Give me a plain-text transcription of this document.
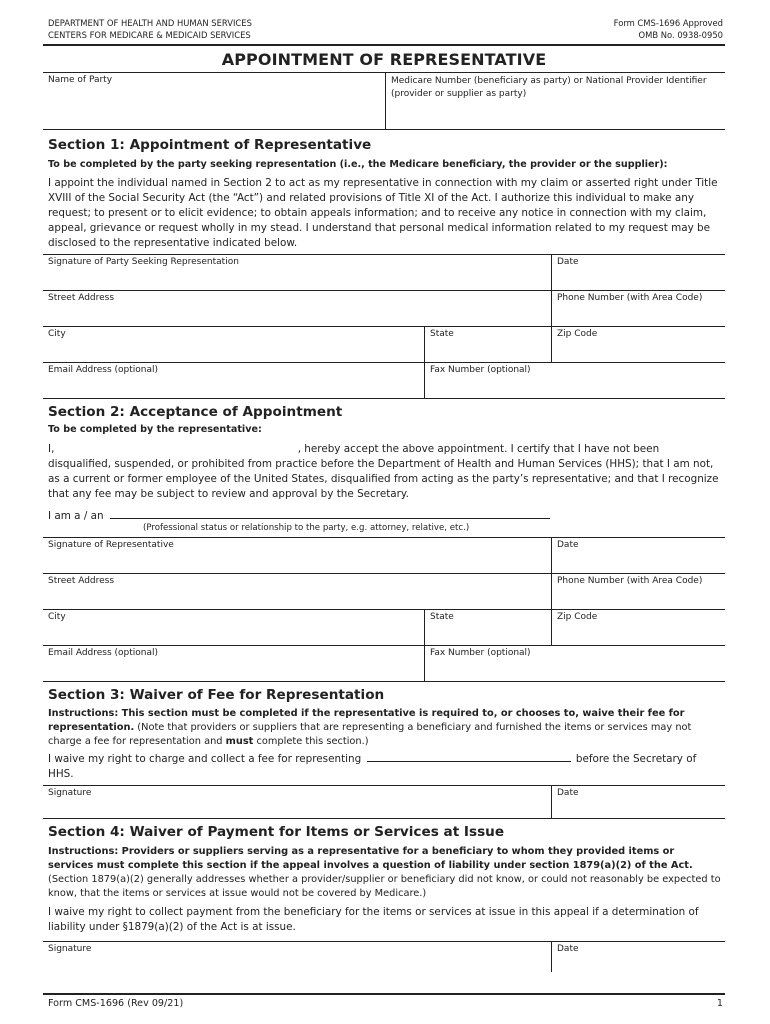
DEPARTMENT OF HEALTH AND HUMAN SERVICES
CENTERS FOR MEDICARE & MEDICAID SERVICES
Form CMS-1696 Approved
OMB No. 0938-0950
APPOINTMENT OF REPRESENTATIVE
Name of Party	Medicare Number (beneficiary as party) or National Provider Identifier (provider or supplier as party)
Section 1: Appointment of Representative
To be completed by the party seeking representation (i.e., the Medicare beneficiary, the provider or the supplier):
I appoint the individual named in Section 2 to act as my representative in connection with my claim or asserted right under Title XVIII of the Social Security Act (the “Act”) and related provisions of Title XI of the Act. I authorize this individual to make any request; to present or to elicit evidence; to obtain appeals information; and to receive any notice in connection with my claim, appeal, grievance or request wholly in my stead. I understand that personal medical information related to my request may be disclosed to the representative indicated below.
Signature of Party Seeking Representation	Date
Street Address	Phone Number (with Area Code)
City	State	Zip Code
Email Address (optional)	Fax Number (optional)
Section 2: Acceptance of Appointment
To be completed by the representative:
I,	, hereby accept the above appointment. I certify that I have not been disqualified, suspended, or prohibited from practice before the Department of Health and Human Services (HHS); that I am not, as a current or former employee of the United States, disqualified from acting as the party’s representative; and that I recognize that any fee may be subject to review and approval by the Secretary.
I am a / an
(Professional status or relationship to the party, e.g. attorney, relative, etc.)
Signature of Representative	Date
Street Address	Phone Number (with Area Code)
City	State	Zip Code
Email Address (optional)	Fax Number (optional)
Section 3: Waiver of Fee for Representation
Instructions: This section must be completed if the representative is required to, or chooses to, waive their fee for representation. (Note that providers or suppliers that are representing a beneficiary and furnished the items or services may not charge a fee for representation and must complete this section.)
I waive my right to charge and collect a fee for representing	before the Secretary of HHS.
Signature	Date
Section 4: Waiver of Payment for Items or Services at Issue
Instructions: Providers or suppliers serving as a representative for a beneficiary to whom they provided items or services must complete this section if the appeal involves a question of liability under section 1879(a)(2) of the Act. (Section 1879(a)(2) generally addresses whether a provider/supplier or beneficiary did not know, or could not reasonably be expected to know, that the items or services at issue would not be covered by Medicare.)
I waive my right to collect payment from the beneficiary for the items or services at issue in this appeal if a determination of liability under §1879(a)(2) of the Act is at issue.
Signature	Date
Form CMS-1696 (Rev 09/21)	1
